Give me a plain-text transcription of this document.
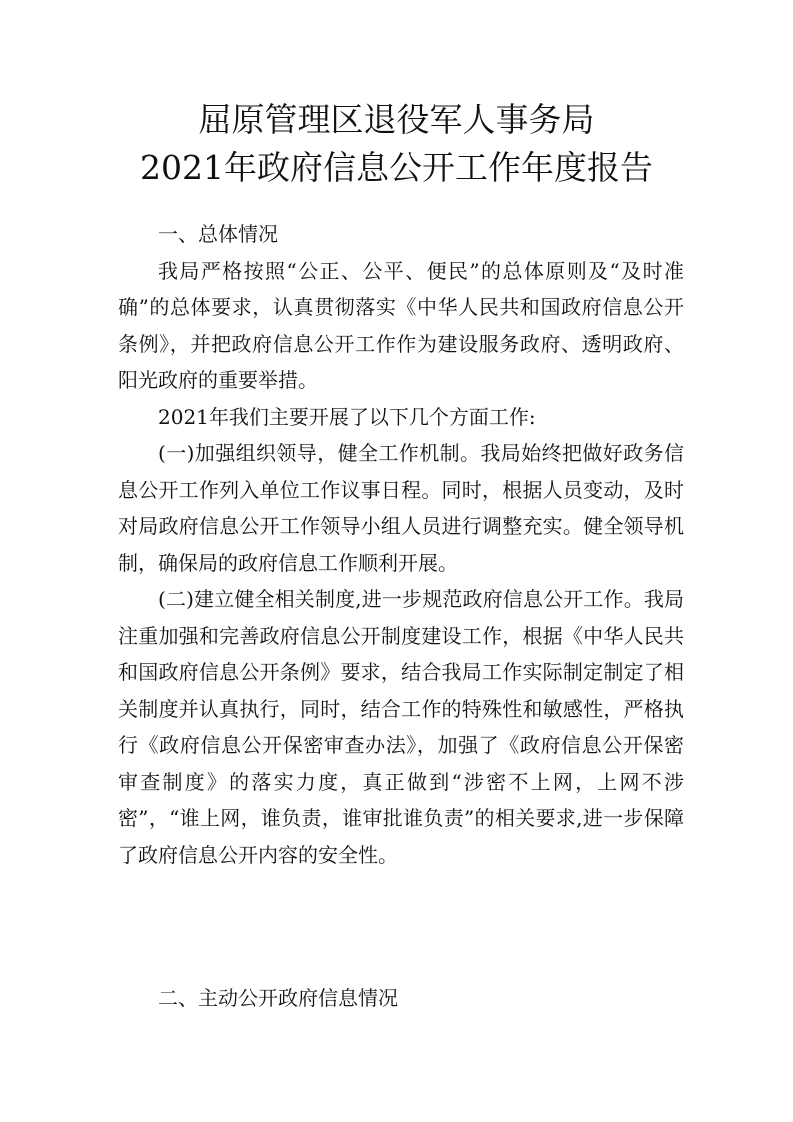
屈原管理区退役军人事务局
2021年政府信息公开工作年度报告

一、总体情况

我局严格按照“公正、公平、便民”的总体原则及“及时准确”的总体要求，认真贯彻落实《中华人民共和国政府信息公开条例》，并把政府信息公开工作作为建设服务政府、透明政府、阳光政府的重要举措。

2021年我们主要开展了以下几个方面工作:

(一)加强组织领导，健全工作机制。我局始终把做好政务信息公开工作列入单位工作议事日程。同时，根据人员变动，及时对局政府信息公开工作领导小组人员进行调整充实。健全领导机制，确保局的政府信息工作顺利开展。

(二)建立健全相关制度,进一步规范政府信息公开工作。我局注重加强和完善政府信息公开制度建设工作，根据《中华人民共和国政府信息公开条例》要求，结合我局工作实际制定制定了相关制度并认真执行，同时，结合工作的特殊性和敏感性，严格执行《政府信息公开保密审查办法》，加强了《政府信息公开保密审查制度》的落实力度，真正做到“涉密不上网，上网不涉密”，“谁上网，谁负责，谁审批谁负责”的相关要求,进一步保障了政府信息公开内容的安全性。

二、主动公开政府信息情况
